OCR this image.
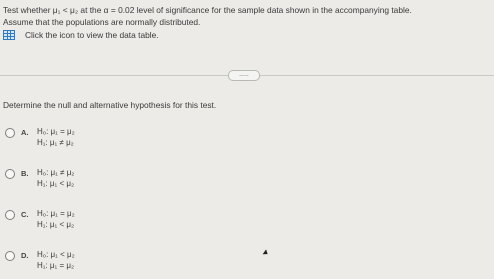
Test whether μ₁ < μ₂ at the α = 0.02 level of significance for the sample data shown in the accompanying table.
Assume that the populations are normally distributed.
Click the icon to view the data table.
.....
Determine the null and alternative hypothesis for this test.
A. H₀: μ₁ = μ₂
H₁: μ₁ ≠ μ₂
B. H₀: μ₁ ≠ μ₂
H₁: μ₁ < μ₂
C. H₀: μ₁ = μ₂
H₁: μ₁ < μ₂
D. H₀: μ₁ < μ₂
H₁: μ₁ = μ₂
